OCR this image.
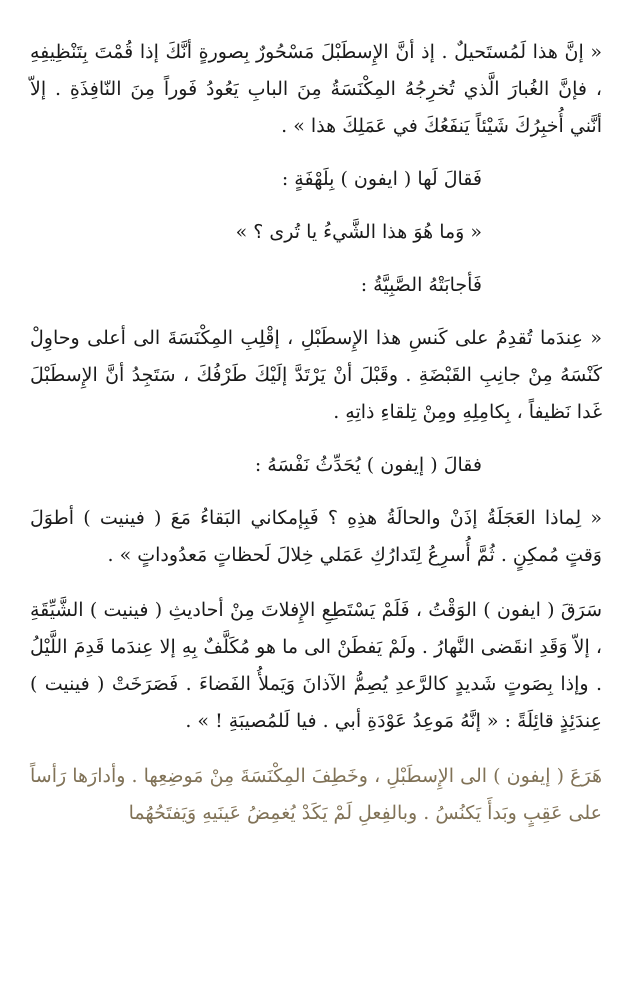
« إنَّ هذا لَمُستَحيلٌ . إذ أنَّ الإِسطَبْلَ مَسْحُورٌ بِصورةٍ أنَّكَ إذا قُمْتَ بِتَنْظِيفِهِ ، فإنَّ الغُبارَ الَّذي تُخرِجُهُ المِكْنَسَةُ مِنَ البابِ يَعُودُ فَوراً مِنَ النّافِذَةِ . إلاّ أنَّني أُخبِرُكَ شَيْئاً يَنفَعُكَ في عَمَلِكَ هذا » .

فَقالَ لَها ( ايفون ) بِلَهْفَةٍ :

« وَما هُوَ هذا الشَّيءُ يا تُرى ؟ »

فَأجابَتْهُ الصَّبِيَّةُ :

« عِندَما تُقدِمُ على كَنسِ هذا الإِسطَبْلِ ، إقْلِبِ المِكْنَسَةَ الى أعلى وحاوِلْ كَنْسَهُ مِنْ جانِبِ القَبْضَةِ . وقَبْلَ أنْ يَرْتَدَّ إلَيْكَ طَرْفُكَ ، سَتَجِدُ أنَّ الإِسطَبْلَ غَدا نَظيفاً ، بِكامِلِهِ ومِنْ تِلقاءِ ذاتِهِ .

فقالَ ( إيفون ) يُحَدِّثُ نَفْسَهُ :

« لِماذا العَجَلَةُ إذَنْ والحالَةُ هذِهِ ؟ فَبِإمكاني البَقاءُ مَعَ ( فينيت ) أطوَلَ وَقتٍ مُمكِنٍ . ثُمَّ أُسرِعُ لِتَدارُكِ عَمَلي خِلالَ لَحظاتٍ مَعدُوداتٍ » .

سَرَقَ ( ايفون ) الوَقْتُ ، فَلَمْ يَسْتَطِعِ الإِفلاتَ مِنْ أحاديثِ ( فينيت ) الشَّيِّقَةِ ، إلاّ وَقَدِ انقَضى النَّهارُ . ولَمْ يَفطَنْ الى ما هو مُكَلَّفٌ بِهِ إلا عِندَما قَدِمَ اللَّيْلُ . وإذا بِصَوتٍ شَديدٍ كالرَّعدِ يُصِمُّ الآذانَ وَيَملأُ الفَضاءَ . فَصَرَخَتْ ( فينيت ) عِندَئِذٍ قائِلَةً : « إنَّهُ مَوعِدُ عَوْدَةِ أبي . فيا لَلمُصيبَةِ ! » .

هَرَعَ ( إيفون ) الى الإِسطَبْلِ ، وخَطِفَ المِكْنَسَةَ مِنْ مَوضِعِها . وأدارَها رَأساً على عَقِبٍ وبَدأَ يَكنُسُ . وبالفِعلِ لَمْ يَكَدْ يُغمِضُ عَينَيهِ وَيَفتَحُهُما
